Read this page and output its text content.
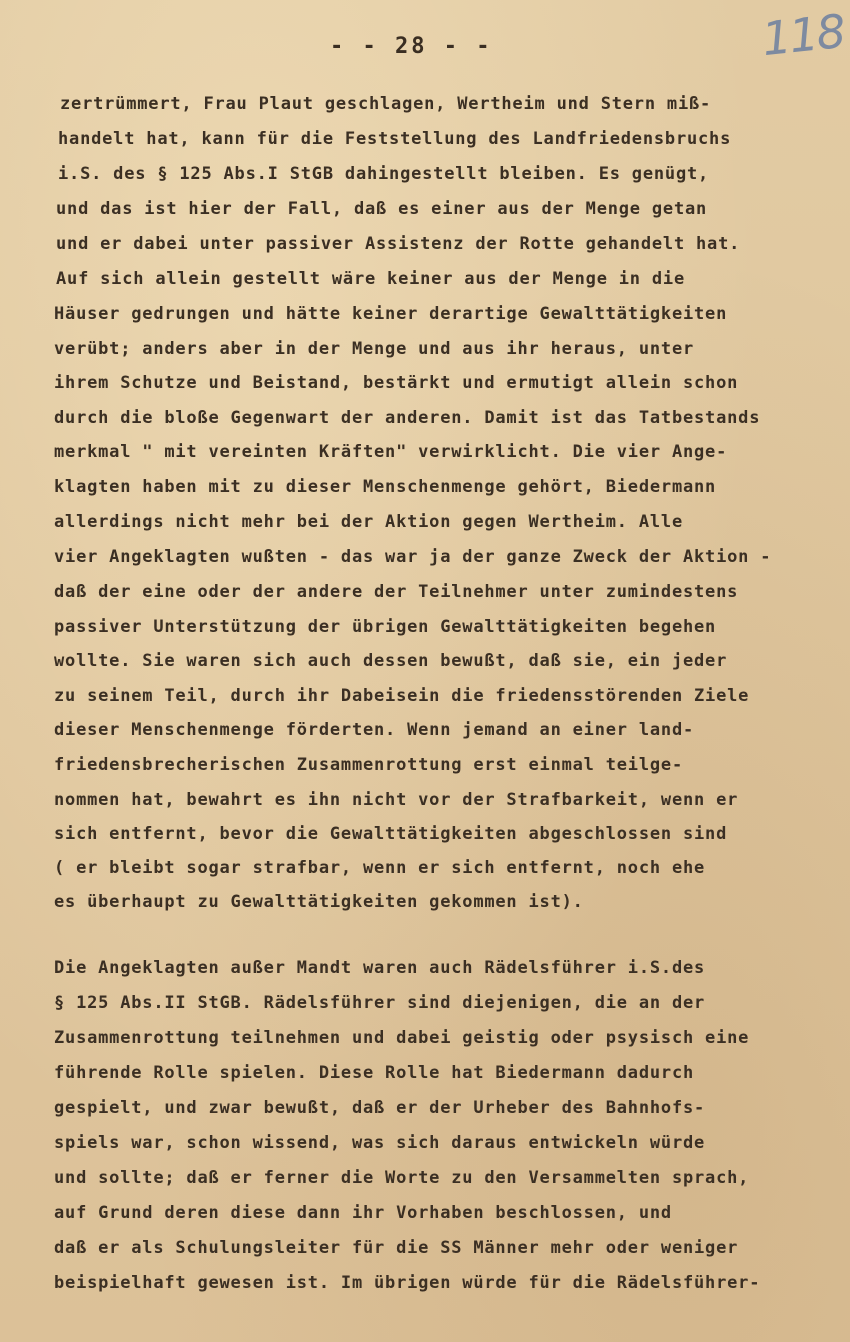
- - 28 - -	118
zertrümmert, Frau Plaut geschlagen, Wertheim und Stern miß-
handelt hat, kann für die Feststellung des Landfriedensbruchs
i.S. des § 125 Abs.I StGB dahingestellt bleiben. Es genügt,
und das ist hier der Fall, daß es einer aus der Menge getan
und er dabei unter passiver Assistenz der Rotte gehandelt hat.
Auf sich allein gestellt wäre keiner aus der Menge in die
Häuser gedrungen und hätte keiner derartige Gewalttätigkeiten
verübt; anders aber in der Menge und aus ihr heraus, unter
ihrem Schutze und Beistand, bestärkt und ermutigt allein schon
durch die bloße Gegenwart der anderen. Damit ist das Tatbestands
merkmal " mit vereinten Kräften" verwirklicht. Die vier Ange-
klagten haben mit zu dieser Menschenmenge gehört, Biedermann
allerdings nicht mehr bei der Aktion gegen Wertheim. Alle
vier Angeklagten wußten - das war ja der ganze Zweck der Aktion -
daß der eine oder der andere der Teilnehmer unter zumindestens
passiver Unterstützung der übrigen Gewalttätigkeiten begehen
wollte. Sie waren sich auch dessen bewußt, daß sie, ein jeder
zu seinem Teil, durch ihr Dabeisein die friedensstörenden Ziele
dieser Menschenmenge förderten. Wenn jemand an einer land-
friedensbrecherischen Zusammenrottung erst einmal teilge-
nommen hat, bewahrt es ihn nicht vor der Strafbarkeit, wenn er
sich entfernt, bevor die Gewalttätigkeiten abgeschlossen sind
( er bleibt sogar strafbar, wenn er sich entfernt, noch ehe
es überhaupt zu Gewalttätigkeiten gekommen ist).
Die Angeklagten außer Mandt waren auch Rädelsführer i.S.des
§ 125 Abs.II StGB. Rädelsführer sind diejenigen, die an der
Zusammenrottung teilnehmen und dabei geistig oder psysisch eine
führende Rolle spielen. Diese Rolle hat Biedermann dadurch
gespielt, und zwar bewußt, daß er der Urheber des Bahnhofs-
spiels war, schon wissend, was sich daraus entwickeln würde
und sollte; daß er ferner die Worte zu den Versammelten sprach,
auf Grund deren diese dann ihr Vorhaben beschlossen, und
daß er als Schulungsleiter für die SS Männer mehr oder weniger
beispielhaft gewesen ist. Im übrigen würde für die Rädelsführer-
